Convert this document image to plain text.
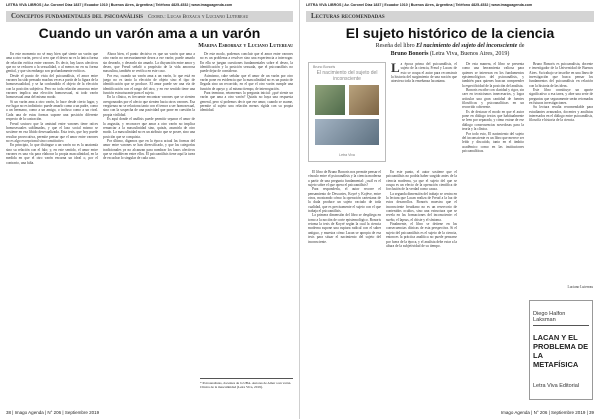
LETRA VIVA LIBROS | Av. Coronel Díaz 1837 | Ecuador 1010 | Buenos Aires, Argentina | Teléfono 4825-4532 | www.imagoagenda.com
Conceptos fundamentales del psicoanálisis Coord.: Lucas Boxaca y Luciano Lutereau
Cuando un varón ama a un varón
Marina Esborraz y Luciano Lutereau

En este momento no sé muy bien qué siente un varón que ama a otro varón, pero sí creo que el deseo no es la única forma de relación erótica entre varones. Es decir, hay lazos afectivos que no se reducen a la sexualidad, o al menos no en su forma genital, y que sin embargo son profundamente eróticos.

Desde el punto de vista del psicoanálisis, el amor entre varones ha sido pensado muchas veces a partir de la figura de la homosexualidad, y se ha confundido el objeto de la elección con la posición subjetiva. Pero no toda relación amorosa entre varones implica una elección homosexual, ni todo varón homosexual ama del mismo modo.

Si un varón ama a otro varón, lo hace desde cierto lugar, y ese lugar no es indistinto: puede amarlo como a un padre, como a un hermano, como a un amigo, o incluso como a un rival. Cada una de estas formas supone una posición diferente respecto de la castración.

Freud sostuvo que la amistad entre varones tiene raíces homosexuales sublimadas, y que el lazo social mismo se sostiene en esa libido desexualizada. Esta tesis, que hoy puede resultar provocativa, permite pensar que el amor entre varones no es algo excepcional sino constitutivo.

En principio, lo que distingue a un varón no es la anatomía sino su relación con el falo; y, en este sentido, el amor entre varones es una vía para elaborar la propia masculinidad, en la medida en que el otro varón encarna un ideal o, por el contrario, una falta.

Ahora bien, el punto decisivo es que un varón que ama a otro varón no necesariamente desea a ese varón; puede amarlo sin desearlo, y desearlo sin amarlo. La disyunción entre amor y deseo, que Freud señaló a propósito de la vida amorosa masculina, también se verifica en este caso.

Por eso, cuando un varón ama a un varón, lo que está en juego no es tanto la elección de objeto sino el tipo de identificación que se produce. El amor puede ser una vía de identificación con el rasgo del otro, y en ese sentido tiene una función estructurante para el sujeto.

En la clínica, es frecuente encontrar varones que se sienten avergonzados por el afecto que sienten hacia otros varones. Esa vergüenza no se relaciona tanto con el temor a ser homosexual, sino con la sospecha de una pasividad que pone en cuestión la propia virilidad.

Es aquí donde el análisis puede permitir separar el amor de la angustia, y reconocer que amar a otro varón no implica renunciar a la masculinidad sino, quizás, asumirla de otro modo. La masculinidad no es un atributo que se posee, sino una posición que se conquista.

Por último, digamos que en la época actual las formas del amor entre varones se han diversificado, y que las categorías tradicionales ya no alcanzan para nombrar los lazos afectivos que se establecen entre ellos. El psicoanálisis tiene aquí la tarea de escuchar lo singular de cada caso.

De este modo, podemos concluir que el amor entre varones no es un problema a resolver sino una experiencia a interrogar. En ella se juegan cuestiones fundamentales sobre el deseo, la identificación y la posición sexuada, que el psicoanálisis no puede dejar de considerar.

Asimismo, cabe señalar que el amor de un varón por otro varón pone en evidencia que la masculinidad no es un punto de llegada sino un recorrido, en el que el otro varón cumple una función de apoyo y, al mismo tiempo, de interrogación.

Para terminar, retomemos la pregunta inicial: ¿qué siente un varón que ama a otro varón? Quizás no haya una respuesta general, pero sí podemos decir que ese amor, cuando se asume, permite al sujeto una relación menos rígida con su propia identidad.

* Psicoanalistas, docentes de la UBA. Autores de Amar a un varón. Clínica de la masculinidad (Letra Viva, 2019).
38 | Imago Agenda | N° 206 | Septiembre 2019
LETRA VIVA LIBROS | Av. Coronel Díaz 1837 | Ecuador 1010 | Buenos Aires, Argentina | Teléfono 4825-4532 | www.imagoagenda.com
Lecturas recomendadas
El sujeto histórico de la ciencia
Reseña del libro El nacimiento del sujeto del inconsciente de
Bruno Bonoris (Letra Viva, Buenos Aires, 2019)
Bruno Bonoris
El nacimiento del sujeto del inconsciente
Letra Viva
L a época prima del psicoanálisis, el sujeto de la ciencia, Freud y Lacan: de esto se ocupa el autor para reconstruir la historia del surgimiento de una noción que atraviesa toda la enseñanza lacaniana.

El libro de Bruno Bonoris nos permite pensar el vínculo entre el psicoanálisis y la ciencia moderna a partir de una pregunta fundamental: ¿cuál es el sujeto sobre el que opera el psicoanálisis?

Para responderla, el autor recorre el pensamiento de Descartes, Koyré y Kojève, entre otros, mostrando cómo la operación cartesiana de la duda produce un sujeto vaciado de toda cualidad, que es precisamente el sujeto con el que trabaja el psicoanálisis.

La primera dimensión del libro se despliega en torno a la noción de corte epistemológico. Bonoris retoma la tesis de Koyré según la cual la ciencia moderna supone una ruptura radical con el saber antiguo, y muestra cómo Lacan se apropia de esa tesis para situar el nacimiento del sujeto del inconsciente.

En este punto, el autor sostiene que el psicoanálisis no podría haber surgido antes de la ciencia moderna, ya que el sujeto del que se ocupa es un efecto de la operación científica de forclusión de la verdad como causa.

La segunda dimensión del trabajo se centra en la lectura que Lacan realiza de Freud a la luz de estos desarrollos. Bonoris muestra que el inconsciente freudiano no es un reservorio de contenidos ocultos, sino una estructura que se revela en las formaciones del inconsciente: el sueño, el lapsus, el chiste y el síntoma.

Finalmente, el libro se detiene en las consecuencias clínicas de esta perspectiva. Si el sujeto del psicoanálisis es el sujeto de la ciencia, entonces la práctica analítica no puede pensarse por fuera de la época, y el analista debe estar a la altura de la subjetividad de su tiempo.

De esta manera, el libro se presenta como una herramienta valiosa para quienes se interesan en los fundamentos epistemológicos del psicoanálisis, y también para quienes buscan comprender la especificidad de la posición del analista.

Bonoris escribe con claridad y rigor, sin caer en tecnicismos innecesarios, y logra articular una gran cantidad de fuentes filosóficas y psicoanalíticas en un recorrido coherente.

Es de destacar el modo en que el autor pone en diálogo textos que habitualmente se leen por separado, y cómo extrae de ese diálogo consecuencias novedosas para la teoría y la clínica.

Por todo esto, El nacimiento del sujeto del inconsciente es un libro que merece ser leído y discutido, tanto en el ámbito académico como en las instituciones psicoanalíticas.

Bruno Bonoris es psicoanalista, docente e investigador de la Universidad de Buenos Aires. Su trabajo se inscribe en una línea de investigación que busca pensar los fundamentos del psicoanálisis en relación con la historia de las ideas.

Este libro constituye un aporte significativo a esa tarea, y abre una serie de preguntas que seguramente serán retomadas en futuras investigaciones.

Su lectura resulta recomendable para estudiantes avanzados, docentes y analistas interesados en el diálogo entre psicoanálisis, filosofía e historia de la ciencia.

Luciano Lutereau
Diego Halfon Laksman
LACAN Y EL PROBLEMA DE LA METAFÍSICA
Letra Viva Editorial
Imago Agenda | N° 206 | Septiembre 2019 | 39
